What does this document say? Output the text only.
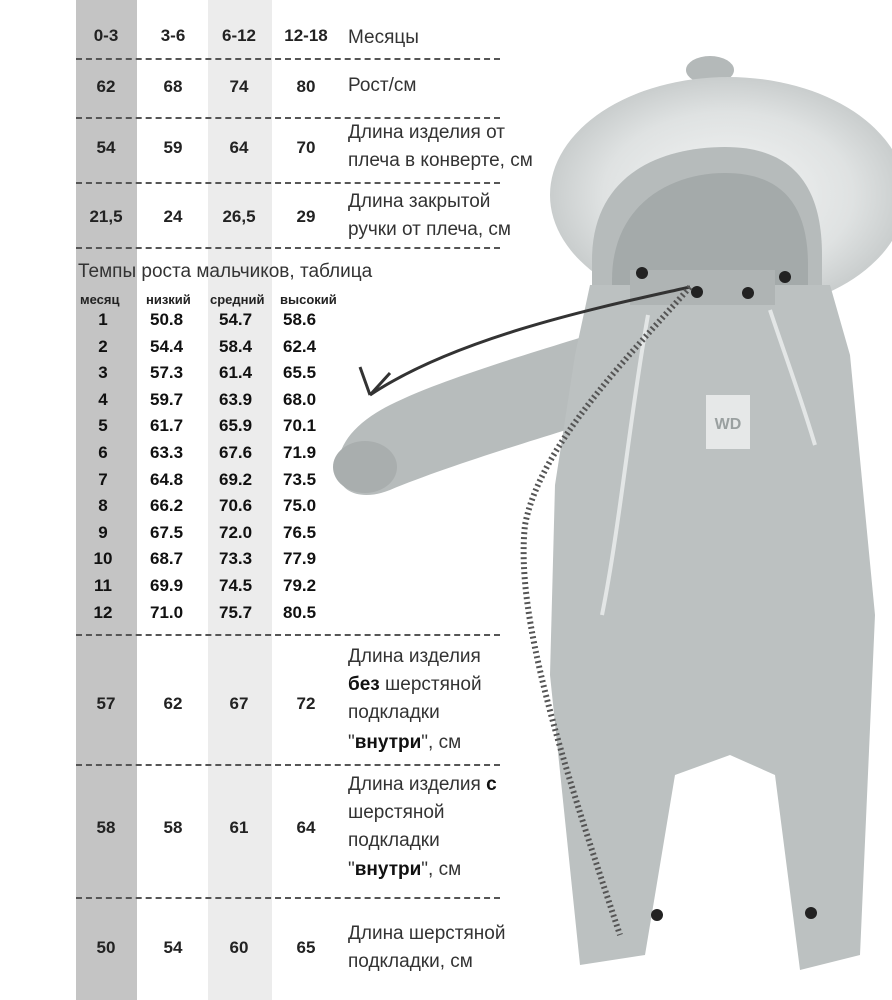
WD
0-3	3-6	6-12	12-18	Месяцы
62	68	74	80	Рост/см
54	59	64	70
Длина изделия от
плеча в конверте, см
21,5	24	26,5	29
Длина закрытой
ручки от плеча, см
Темпы роста мальчиков, таблица
месяц низкий средний высокий
1	50.8 54.7 58.6
2	54.4 58.4 62.4
3	57.3 61.4 65.5
4	59.7 63.9 68.0
5	61.7 65.9 70.1
6	63.3 67.6 71.9
7	64.8 69.2 73.5
8	66.2 70.6 75.0
9	67.5 72.0 76.5
10 68.7 73.3 77.9
11 69.9 74.5 79.2
12 71.0 75.7 80.5
57	62	67	72
Длина изделия
без шерстяной
подкладки
"внутри", см
58	58	61	64
Длина изделия с
шерстяной
подкладки
"внутри", см
50	54	60	65
Длина шерстяной
подкладки, см
